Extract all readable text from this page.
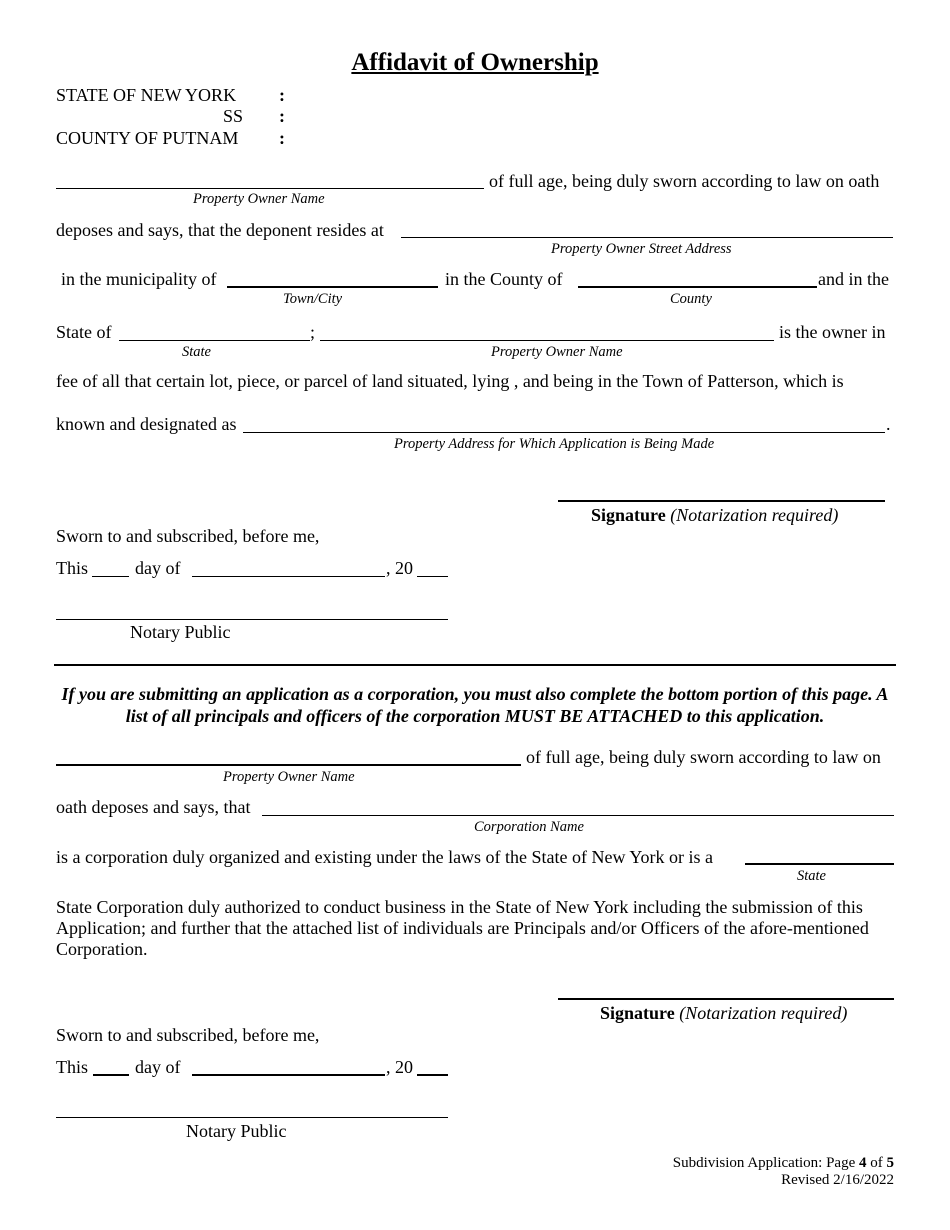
Affidavit of Ownership
STATE OF NEW YORK :
SS :
COUNTY OF PUTNAM :
of full age, being duly sworn according to law on oath
Property Owner Name
deposes and says, that the deponent resides at
Property Owner Street Address
in the municipality of	in the County of	and in the
Town/City	County
State of	;	is the owner in
State	Property Owner Name
fee of all that certain lot, piece, or parcel of land situated, lying , and being in the Town of Patterson, which is
known and designated as	.
Property Address for Which Application is Being Made
Signature (Notarization required)
Sworn to and subscribed, before me,
This	day of	, 20
Notary Public
If you are submitting an application as a corporation, you must also complete the bottom portion of this page. A list of all principals and officers of the corporation MUST BE ATTACHED to this application.
of full age, being duly sworn according to law on
Property Owner Name
oath deposes and says, that
Corporation Name
is a corporation duly organized and existing under the laws of the State of New York or is a
State
State Corporation duly authorized to conduct business in the State of New York including the submission of this Application; and further that the attached list of individuals are Principals and/or Officers of the afore-mentioned Corporation.
Signature (Notarization required)
Sworn to and subscribed, before me,
This	day of	, 20
Notary Public
Subdivision Application: Page 4 of 5
Revised 2/16/2022
